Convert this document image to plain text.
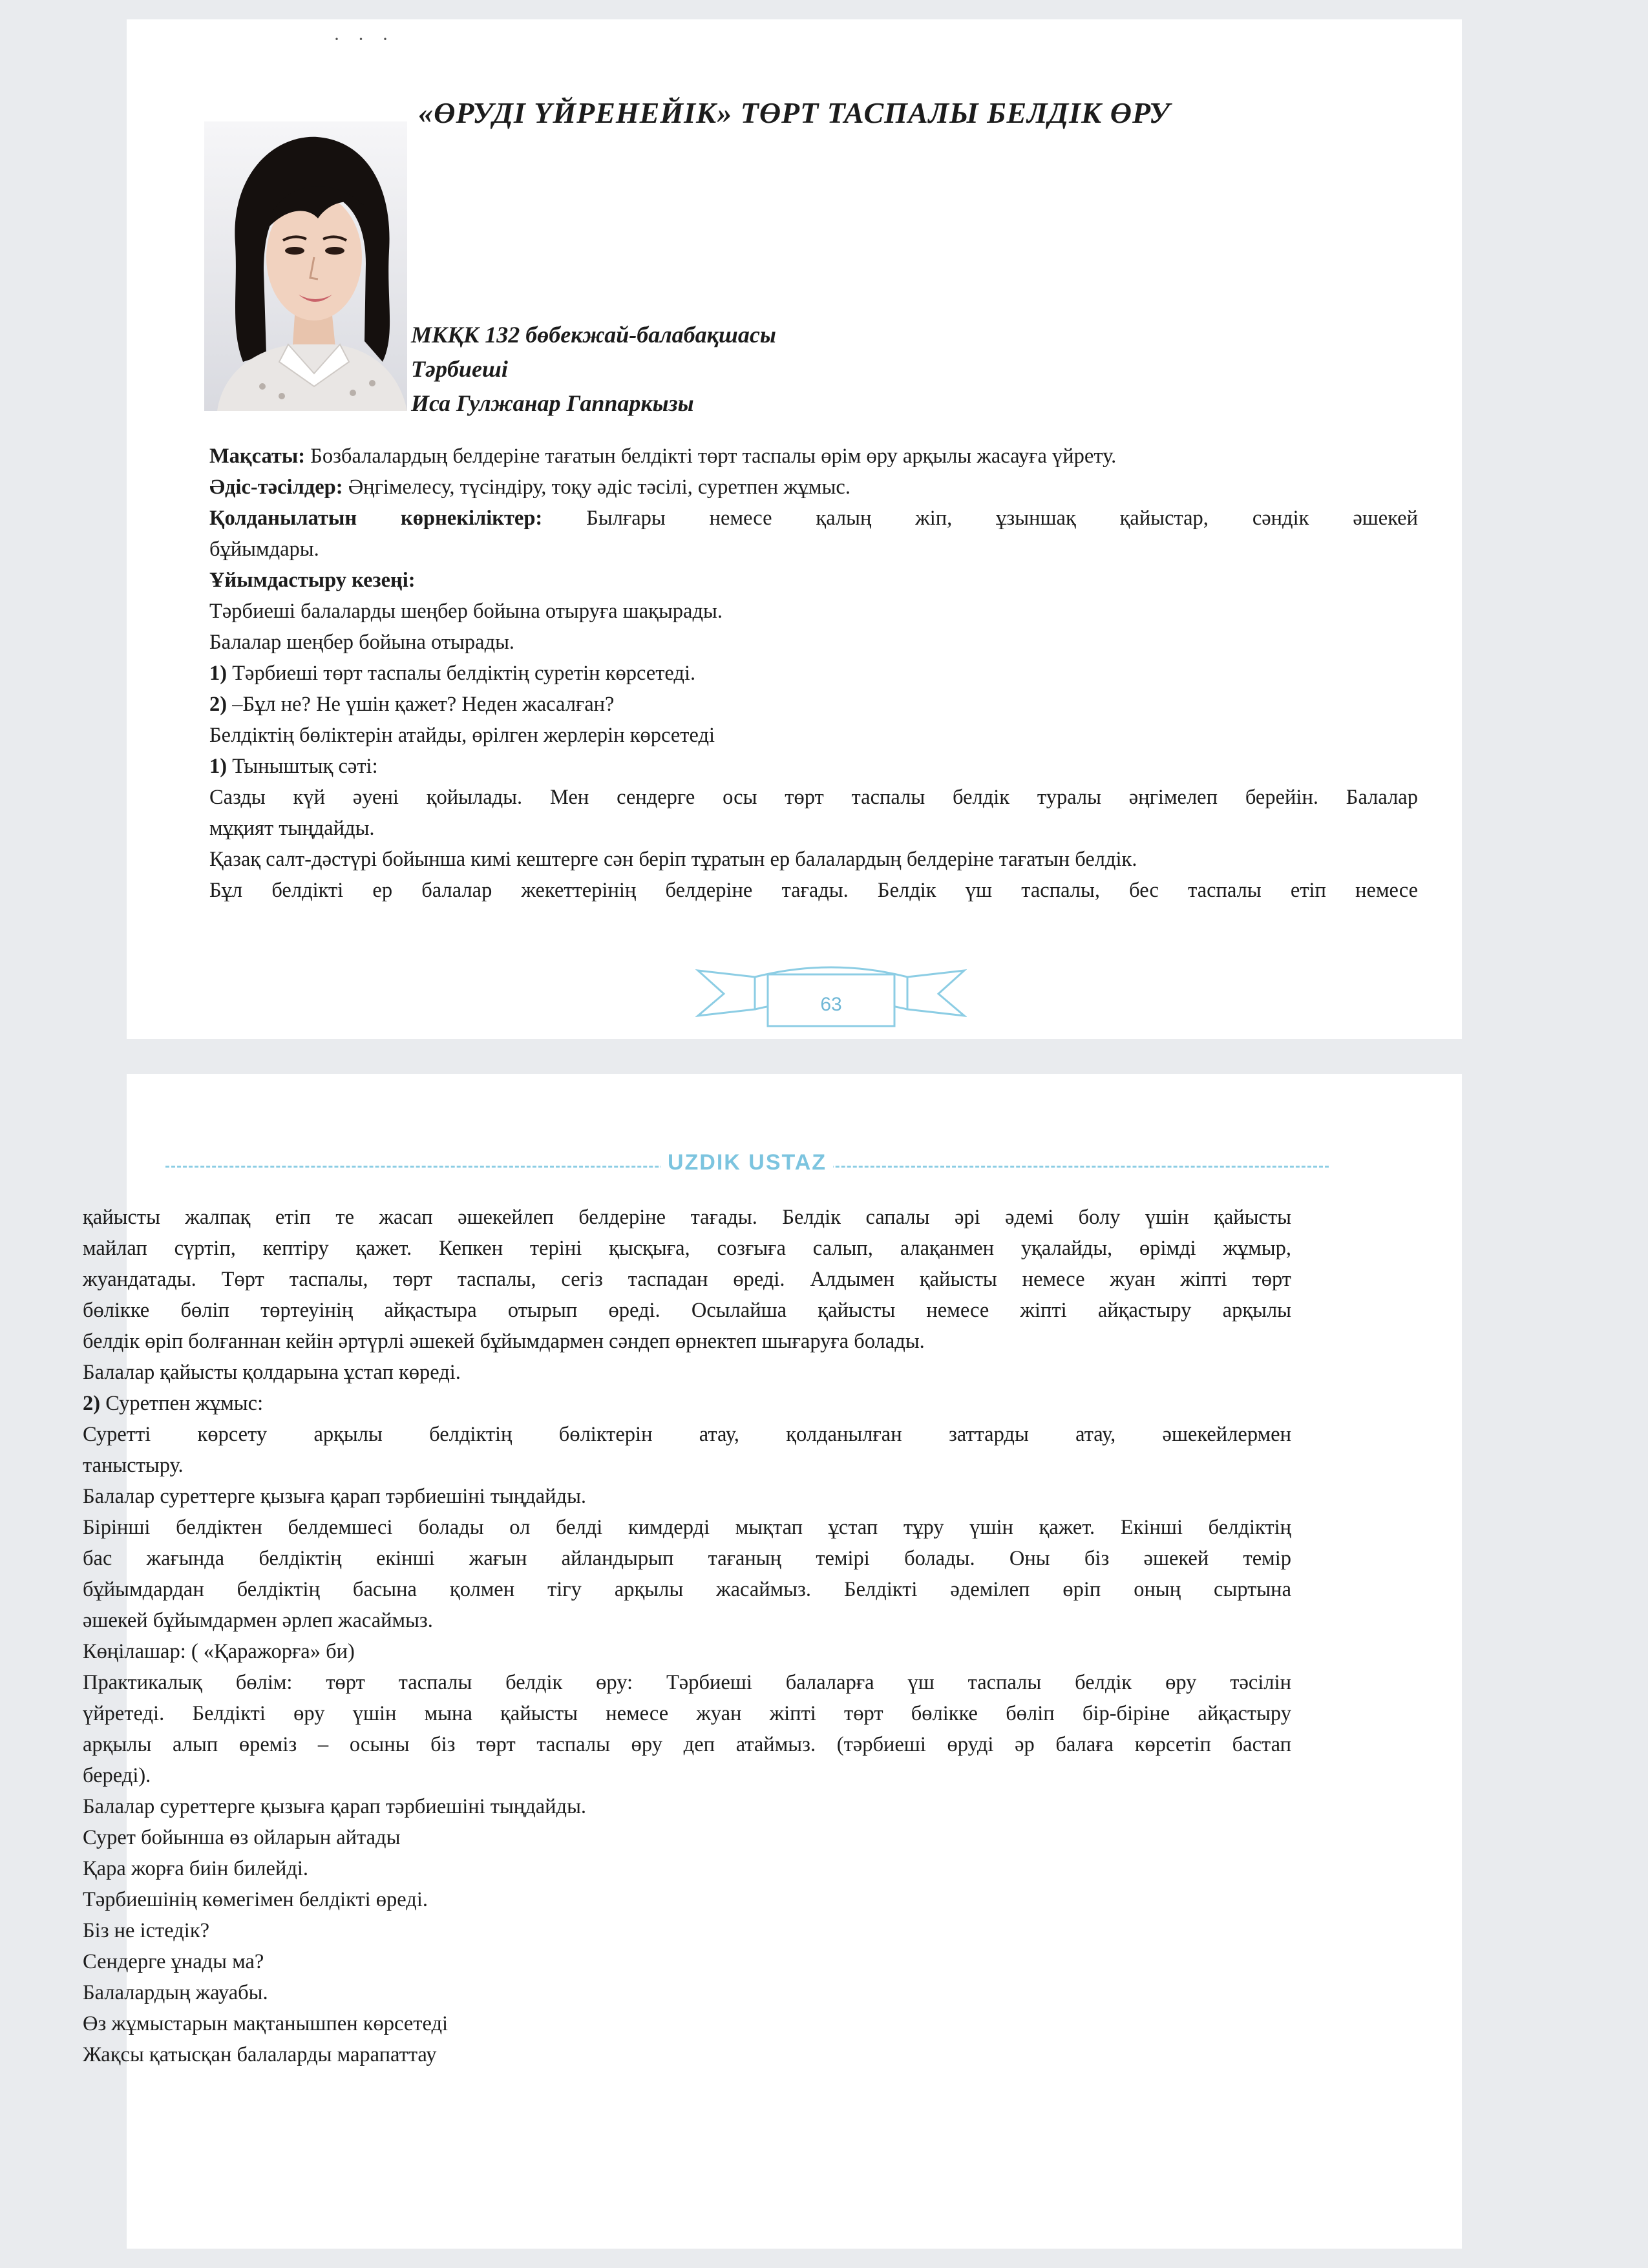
· · ·
«ӨРУДІ ҮЙРЕНЕЙІК» ТӨРТ ТАСПАЛЫ БЕЛДІК ӨРУ
МКҚК 132 бөбекжай-балабақшасы
Тәрбиеші
Иса Гулжанар Гаппаркызы

Мақсаты: Бозбалалардың белдеріне тағатын белдікті төрт таспалы өрім өру арқылы жасауға үйрету.

Әдіс-тәсілдер: Әңгімелесу, түсіндіру, тоқу әдіс тәсілі, суретпен жұмыс.

Қолданылатын көрнекіліктер: Былғары немесе қалың жіп, ұзыншақ қайыстар, сәндік әшекей

бұйымдары.

Ұйымдастыру кезеңі:

Тәрбиеші балаларды шеңбер бойына отыруға шақырады.

Балалар шеңбер бойына отырады.

1) Тәрбиеші төрт таспалы белдіктің суретін көрсетеді.

2) –Бұл не? Не үшін қажет? Неден жасалған?

Белдіктің бөліктерін атайды, өрілген жерлерін көрсетеді

1) Тыныштық сәті:

Сазды күй әуені қойылады. Мен сендерге осы төрт таспалы белдік туралы әңгімелеп берейін. Балалар

мұқият тыңдайды.

Қазақ салт-дәстүрі бойынша кимі кештерге сән беріп тұратын ер балалардың белдеріне тағатын белдік.

Бұл белдікті ер балалар жекеттерінің белдеріне тағады. Белдік үш таспалы, бес таспалы етіп немесе

63
UZDIK USTAZ

қайысты жалпақ етіп те жасап әшекейлеп белдеріне тағады. Белдік сапалы әрі әдемі болу үшін қайысты

майлап сүртіп, кептіру қажет. Кепкен теріні қысқыға, созғыға салып, алақанмен уқалайды, өрімді жұмыр,

жуандатады. Төрт таспалы, төрт таспалы, сегіз таспадан өреді. Алдымен қайысты немесе жуан жіпті төрт

бөлікке бөліп төртеуінің айқастыра отырып өреді. Осылайша қайысты немесе жіпті айқастыру арқылы

белдік өріп болғаннан кейін әртүрлі әшекей бұйымдармен сәндеп өрнектеп шығаруға болады.

Балалар қайысты қолдарына ұстап көреді.

2) Суретпен жұмыс:

Суретті көрсету арқылы белдіктің бөліктерін атау, қолданылған заттарды атау, әшекейлермен

таныстыру.

Балалар суреттерге қызыға қарап тәрбиешіні тыңдайды.

Бірінші белдіктен белдемшесі болады ол белді кимдерді мықтап ұстап тұру үшін қажет. Екінші белдіктің

бас жағында белдіктің екінші жағын айландырып тағаның темірі болады. Оны біз әшекей темір

бұйымдардан белдіктің басына қолмен тігу арқылы жасаймыз. Белдікті әдемілеп өріп оның сыртына

әшекей бұйымдармен әрлеп жасаймыз.

Көңілашар: ( «Қаражорға» би)

Практикалық бөлім: төрт таспалы белдік өру: Тәрбиеші балаларға үш таспалы белдік өру тәсілін

үйретеді. Белдікті өру үшін мына қайысты немесе жуан жіпті төрт бөлікке бөліп бір-біріне айқастыру

арқылы алып өреміз – осыны біз төрт таспалы өру деп атаймыз. (тәрбиеші өруді әр балаға көрсетіп бастап

береді).

Балалар суреттерге қызыға қарап тәрбиешіні тыңдайды.

Сурет бойынша өз ойларын айтады

Қара жорға биін билейді.

Тәрбиешінің көмегімен белдікті өреді.

Біз не істедік?

Сендерге ұнады ма?

Балалардың жауабы.

Өз жұмыстарын мақтанышпен көрсетеді

Жақсы қатысқан балаларды марапаттау
